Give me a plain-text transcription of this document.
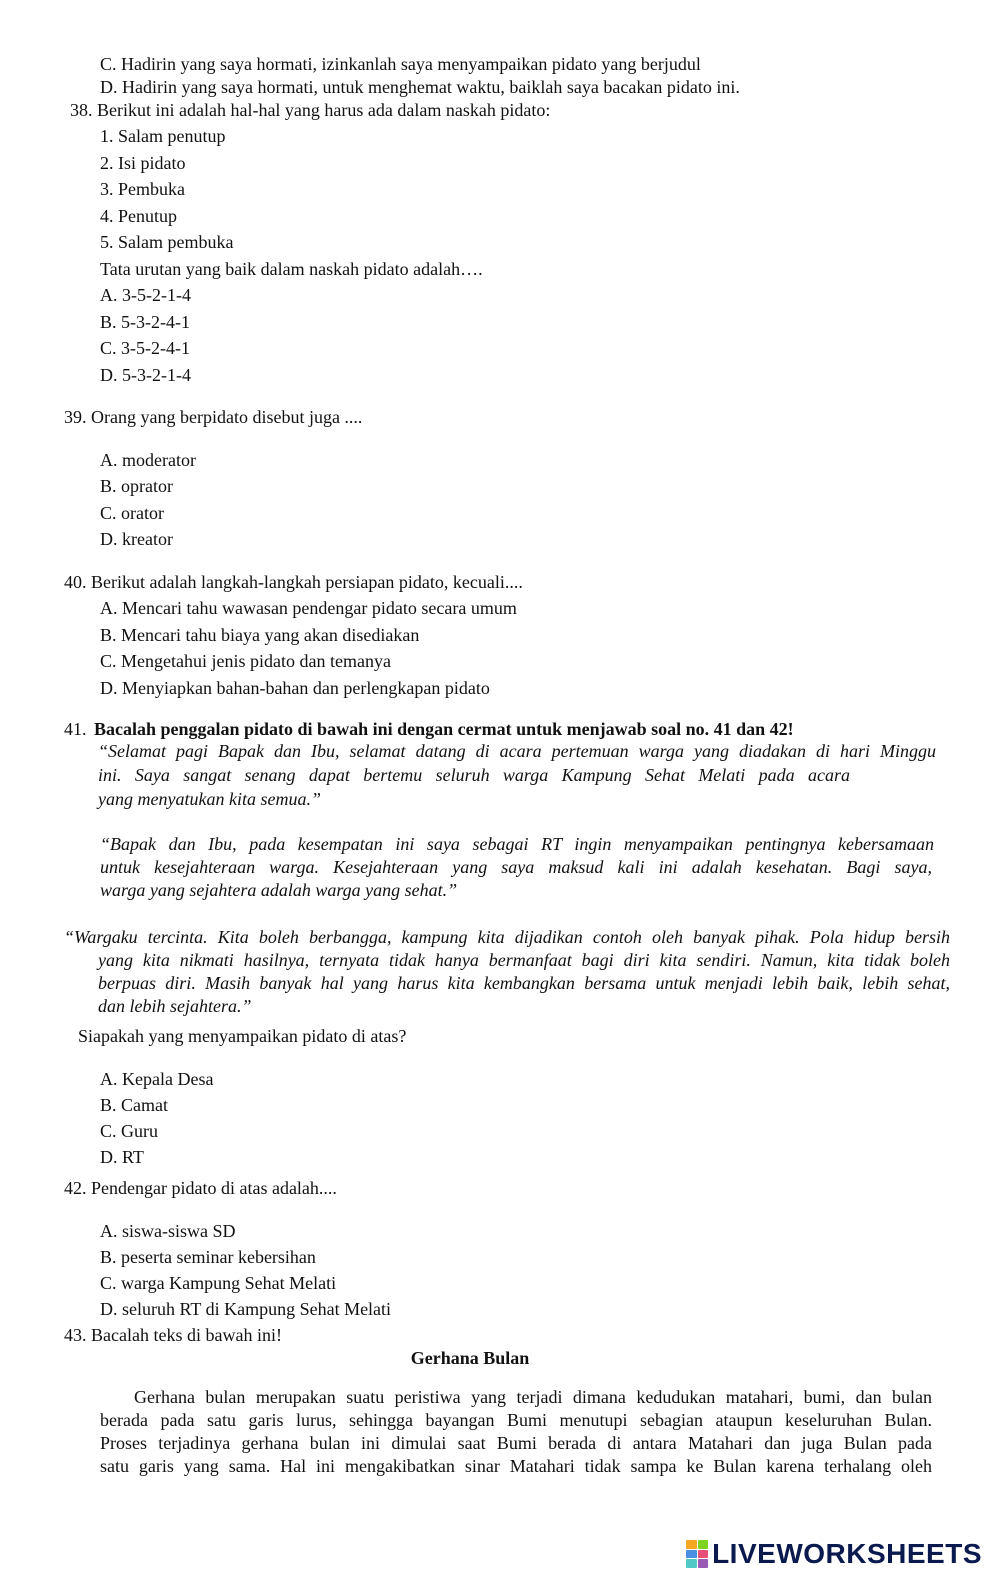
C. Hadirin yang saya hormati, izinkanlah saya menyampaikan pidato yang berjudul
D. Hadirin yang saya hormati, untuk menghemat waktu, baiklah saya bacakan pidato ini.
38. Berikut ini adalah hal-hal yang harus ada dalam naskah pidato:
1. Salam penutup
2. Isi pidato
3. Pembuka
4. Penutup
5. Salam pembuka
Tata urutan yang baik dalam naskah pidato adalah….
A. 3-5-2-1-4
B. 5-3-2-4-1
C. 3-5-2-4-1
D. 5-3-2-1-4
39. Orang yang berpidato disebut juga ....
A. moderator
B. oprator
C. orator
D. kreator
40. Berikut adalah langkah-langkah persiapan pidato, kecuali....
A. Mencari tahu wawasan pendengar pidato secara umum
B. Mencari tahu biaya yang akan disediakan
C. Mengetahui jenis pidato dan temanya
D. Menyiapkan bahan-bahan dan perlengkapan pidato
41. Bacalah penggalan pidato di bawah ini dengan cermat untuk menjawab soal no. 41 dan 42!
“Selamat pagi Bapak dan Ibu, selamat datang di acara pertemuan warga yang diadakan di hari Minggu
ini. Saya sangat senang dapat bertemu seluruh warga Kampung Sehat Melati pada acara
yang menyatukan kita semua.”
“Bapak dan Ibu, pada kesempatan ini saya sebagai RT ingin menyampaikan pentingnya kebersamaan
untuk kesejahteraan warga. Kesejahteraan yang saya maksud kali ini adalah kesehatan. Bagi saya,
warga yang sejahtera adalah warga yang sehat.”
“Wargaku tercinta. Kita boleh berbangga, kampung kita dijadikan contoh oleh banyak pihak. Pola hidup bersih
yang kita nikmati hasilnya, ternyata tidak hanya bermanfaat bagi diri kita sendiri. Namun, kita tidak boleh
berpuas diri. Masih banyak hal yang harus kita kembangkan bersama untuk menjadi lebih baik, lebih sehat,
dan lebih sejahtera.”
Siapakah yang menyampaikan pidato di atas?
A. Kepala Desa
B. Camat
C. Guru
D. RT
42. Pendengar pidato di atas adalah....
A. siswa-siswa SD
B. peserta seminar kebersihan
C. warga Kampung Sehat Melati
D. seluruh RT di Kampung Sehat Melati
43. Bacalah teks di bawah ini!
Gerhana Bulan
Gerhana bulan merupakan suatu peristiwa yang terjadi dimana kedudukan matahari, bumi, dan bulan
berada pada satu garis lurus, sehingga bayangan Bumi menutupi sebagian ataupun keseluruhan Bulan.
Proses terjadinya gerhana bulan ini dimulai saat Bumi berada di antara Matahari dan juga Bulan pada
satu garis yang sama. Hal ini mengakibatkan sinar Matahari tidak sampa ke Bulan karena terhalang oleh
LIVEWORKSHEETS
